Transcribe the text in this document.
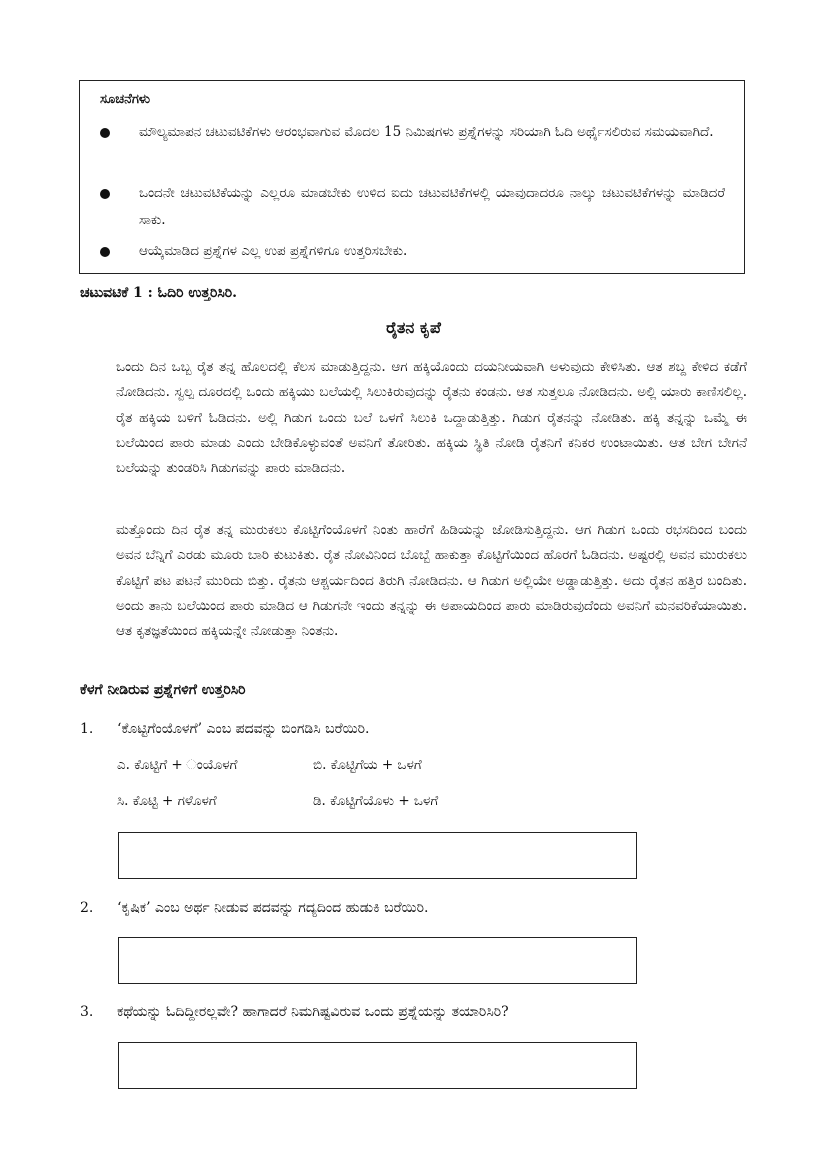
ಸೂಚನೆಗಳು
ಮೌಲ್ಯಮಾಪನ ಚಟುವಟಿಕೆಗಳು ಆರಂಭವಾಗುವ ಮೊದಲ 15 ನಿಮಿಷಗಳು ಪ್ರಶ್ನೆಗಳನ್ನು ಸರಿಯಾಗಿ ಓದಿ ಅರ್ಥೈಸಲಿರುವ ಸಮಯವಾಗಿದೆ.
ಒಂದನೇ ಚಟುವಟಿಕೆಯನ್ನು ಎಲ್ಲರೂ ಮಾಡಬೇಕು ಉಳಿದ ಐದು ಚಟುವಟಿಕೆಗಳಲ್ಲಿ ಯಾವುದಾದರೂ ನಾಲ್ಕು ಚಟುವಟಿಕೆಗಳನ್ನು ಮಾಡಿದರೆ ಸಾಕು.
ಆಯ್ಕೆಮಾಡಿದ ಪ್ರಶ್ನೆಗಳ ಎಲ್ಲ ಉಪ ಪ್ರಶ್ನೆಗಳಿಗೂ ಉತ್ತರಿಸಬೇಕು.
ಚಟುವಟಿಕೆ 1 : ಓದಿರಿ ಉತ್ತರಿಸಿರಿ.
ರೈತನ ಕೃಪೆ
ಒಂದು ದಿನ ಒಬ್ಬ ರೈತ ತನ್ನ ಹೊಲದಲ್ಲಿ ಕೆಲಸ ಮಾಡುತ್ತಿದ್ದನು. ಆಗ ಹಕ್ಕಿಯೊಂದು ದಯನೀಯವಾಗಿ ಅಳುವುದು ಕೇಳಿಸಿತು. ಆತ ಶಬ್ದ ಕೇಳಿದ ಕಡೆಗೆ ನೋಡಿದನು. ಸ್ವಲ್ಪ ದೂರದಲ್ಲಿ ಒಂದು ಹಕ್ಕಿಯು ಬಲೆಯಲ್ಲಿ ಸಿಲುಕಿರುವುದನ್ನು ರೈತನು ಕಂಡನು. ಆತ ಸುತ್ತಲೂ ನೋಡಿದನು. ಅಲ್ಲಿ ಯಾರು ಕಾಣಿಸಲಿಲ್ಲ. ರೈತ ಹಕ್ಕಿಯ ಬಳಿಗೆ ಓಡಿದನು. ಅಲ್ಲಿ ಗಿಡುಗ ಒಂದು ಬಲೆ ಒಳಗೆ ಸಿಲುಕಿ ಒದ್ದಾಡುತ್ತಿತ್ತು. ಗಿಡುಗ ರೈತನನ್ನು ನೋಡಿತು. ಹಕ್ಕಿ ತನ್ನನ್ನು ಒಮ್ಮೆ ಈ ಬಲೆಯಿಂದ ಪಾರು ಮಾಡು ಎಂದು ಬೇಡಿಕೊಳ್ಳುವಂತೆ ಅವನಿಗೆ ತೋರಿತು. ಹಕ್ಕಿಯ ಸ್ಥಿತಿ ನೋಡಿ ರೈತನಿಗೆ ಕನಿಕರ ಉಂಟಾಯಿತು. ಆತ ಬೇಗ ಬೇಗನೆ ಬಲೆಯನ್ನು ತುಂಡರಿಸಿ ಗಿಡುಗವನ್ನು ಪಾರು ಮಾಡಿದನು.
ಮತ್ತೊಂದು ದಿನ ರೈತ ತನ್ನ ಮುರುಕಲು ಕೊಟ್ಟಿಗೆಂಯೊಳಗೆ ನಿಂತು ಹಾರೆಗೆ ಹಿಡಿಯನ್ನು ಜೋಡಿಸುತ್ತಿದ್ದನು. ಆಗ ಗಿಡುಗ ಒಂದು ರಭಸದಿಂದ ಬಂದು ಅವನ ಬೆನ್ನಿಗೆ ಎರಡು ಮೂರು ಬಾರಿ ಕುಟುಕಿತು. ರೈತ ನೋವಿನಿಂದ ಬೊಬ್ಬೆ ಹಾಕುತ್ತಾ ಕೊಟ್ಟಿಗೆಯಿಂದ ಹೊರಗೆ ಓಡಿದನು. ಅಷ್ಟರಲ್ಲಿ ಅವನ ಮುರುಕಲು ಕೊಟ್ಟಿಗೆ ಪಟ ಪಟನೆ ಮುರಿದು ಬಿತ್ತು. ರೈತನು ಆಶ್ಚರ್ಯದಿಂದ ತಿರುಗಿ ನೋಡಿದನು. ಆ ಗಿಡುಗ ಅಲ್ಲಿಯೇ ಅಡ್ಡಾಡುತ್ತಿತ್ತು. ಅದು ರೈತನ ಹತ್ತಿರ ಬಂದಿತು. ಅಂದು ತಾನು ಬಲೆಯಿಂದ ಪಾರು ಮಾಡಿದ ಆ ಗಿಡುಗನೇ ಇಂದು ತನ್ನನ್ನು ಈ ಅಪಾಯದಿಂದ ಪಾರು ಮಾಡಿರುವುದೆಂದು ಅವನಿಗೆ ಮನವರಿಕೆಯಾಯಿತು. ಆತ ಕೃತಜ್ಞತೆಯಿಂದ ಹಕ್ಕಿಯನ್ನೇ ನೋಡುತ್ತಾ ನಿಂತನು.
ಕೆಳಗೆ ನೀಡಿರುವ ಪ್ರಶ್ನೆಗಳಿಗೆ ಉತ್ತರಿಸಿರಿ
1. ‘ಕೊಟ್ಟಿಗೆಂಯೊಳಗೆ’ ಎಂಬ ಪದವನ್ನು ಬಿಂಗಡಿಸಿ ಬರೆಯಿರಿ.
ಎ. ಕೊಟ್ಟಿಗೆ + ಂಯೊಳಗೆ	ಬಿ. ಕೊಟ್ಟಿಗೆಯ + ಒಳಗೆ
ಸಿ. ಕೊಟ್ಟಿ + ಗಳೊಳಗೆ	ಡಿ. ಕೊಟ್ಟಿಗೆಯೊಳು + ಒಳಗೆ
2. ‘ಕೃಷಿಕ’ ಎಂಬ ಅರ್ಥ ನೀಡುವ ಪದವನ್ನು ಗದ್ಯದಿಂದ ಹುಡುಕಿ ಬರೆಯಿರಿ.
3. ಕಥೆಯನ್ನು ಓದಿದ್ದೀರಲ್ಲವೇ? ಹಾಗಾದರೆ ನಿಮಗಿಷ್ಟವಿರುವ ಒಂದು ಪ್ರಶ್ನೆಯನ್ನು ತಯಾರಿಸಿರಿ?
